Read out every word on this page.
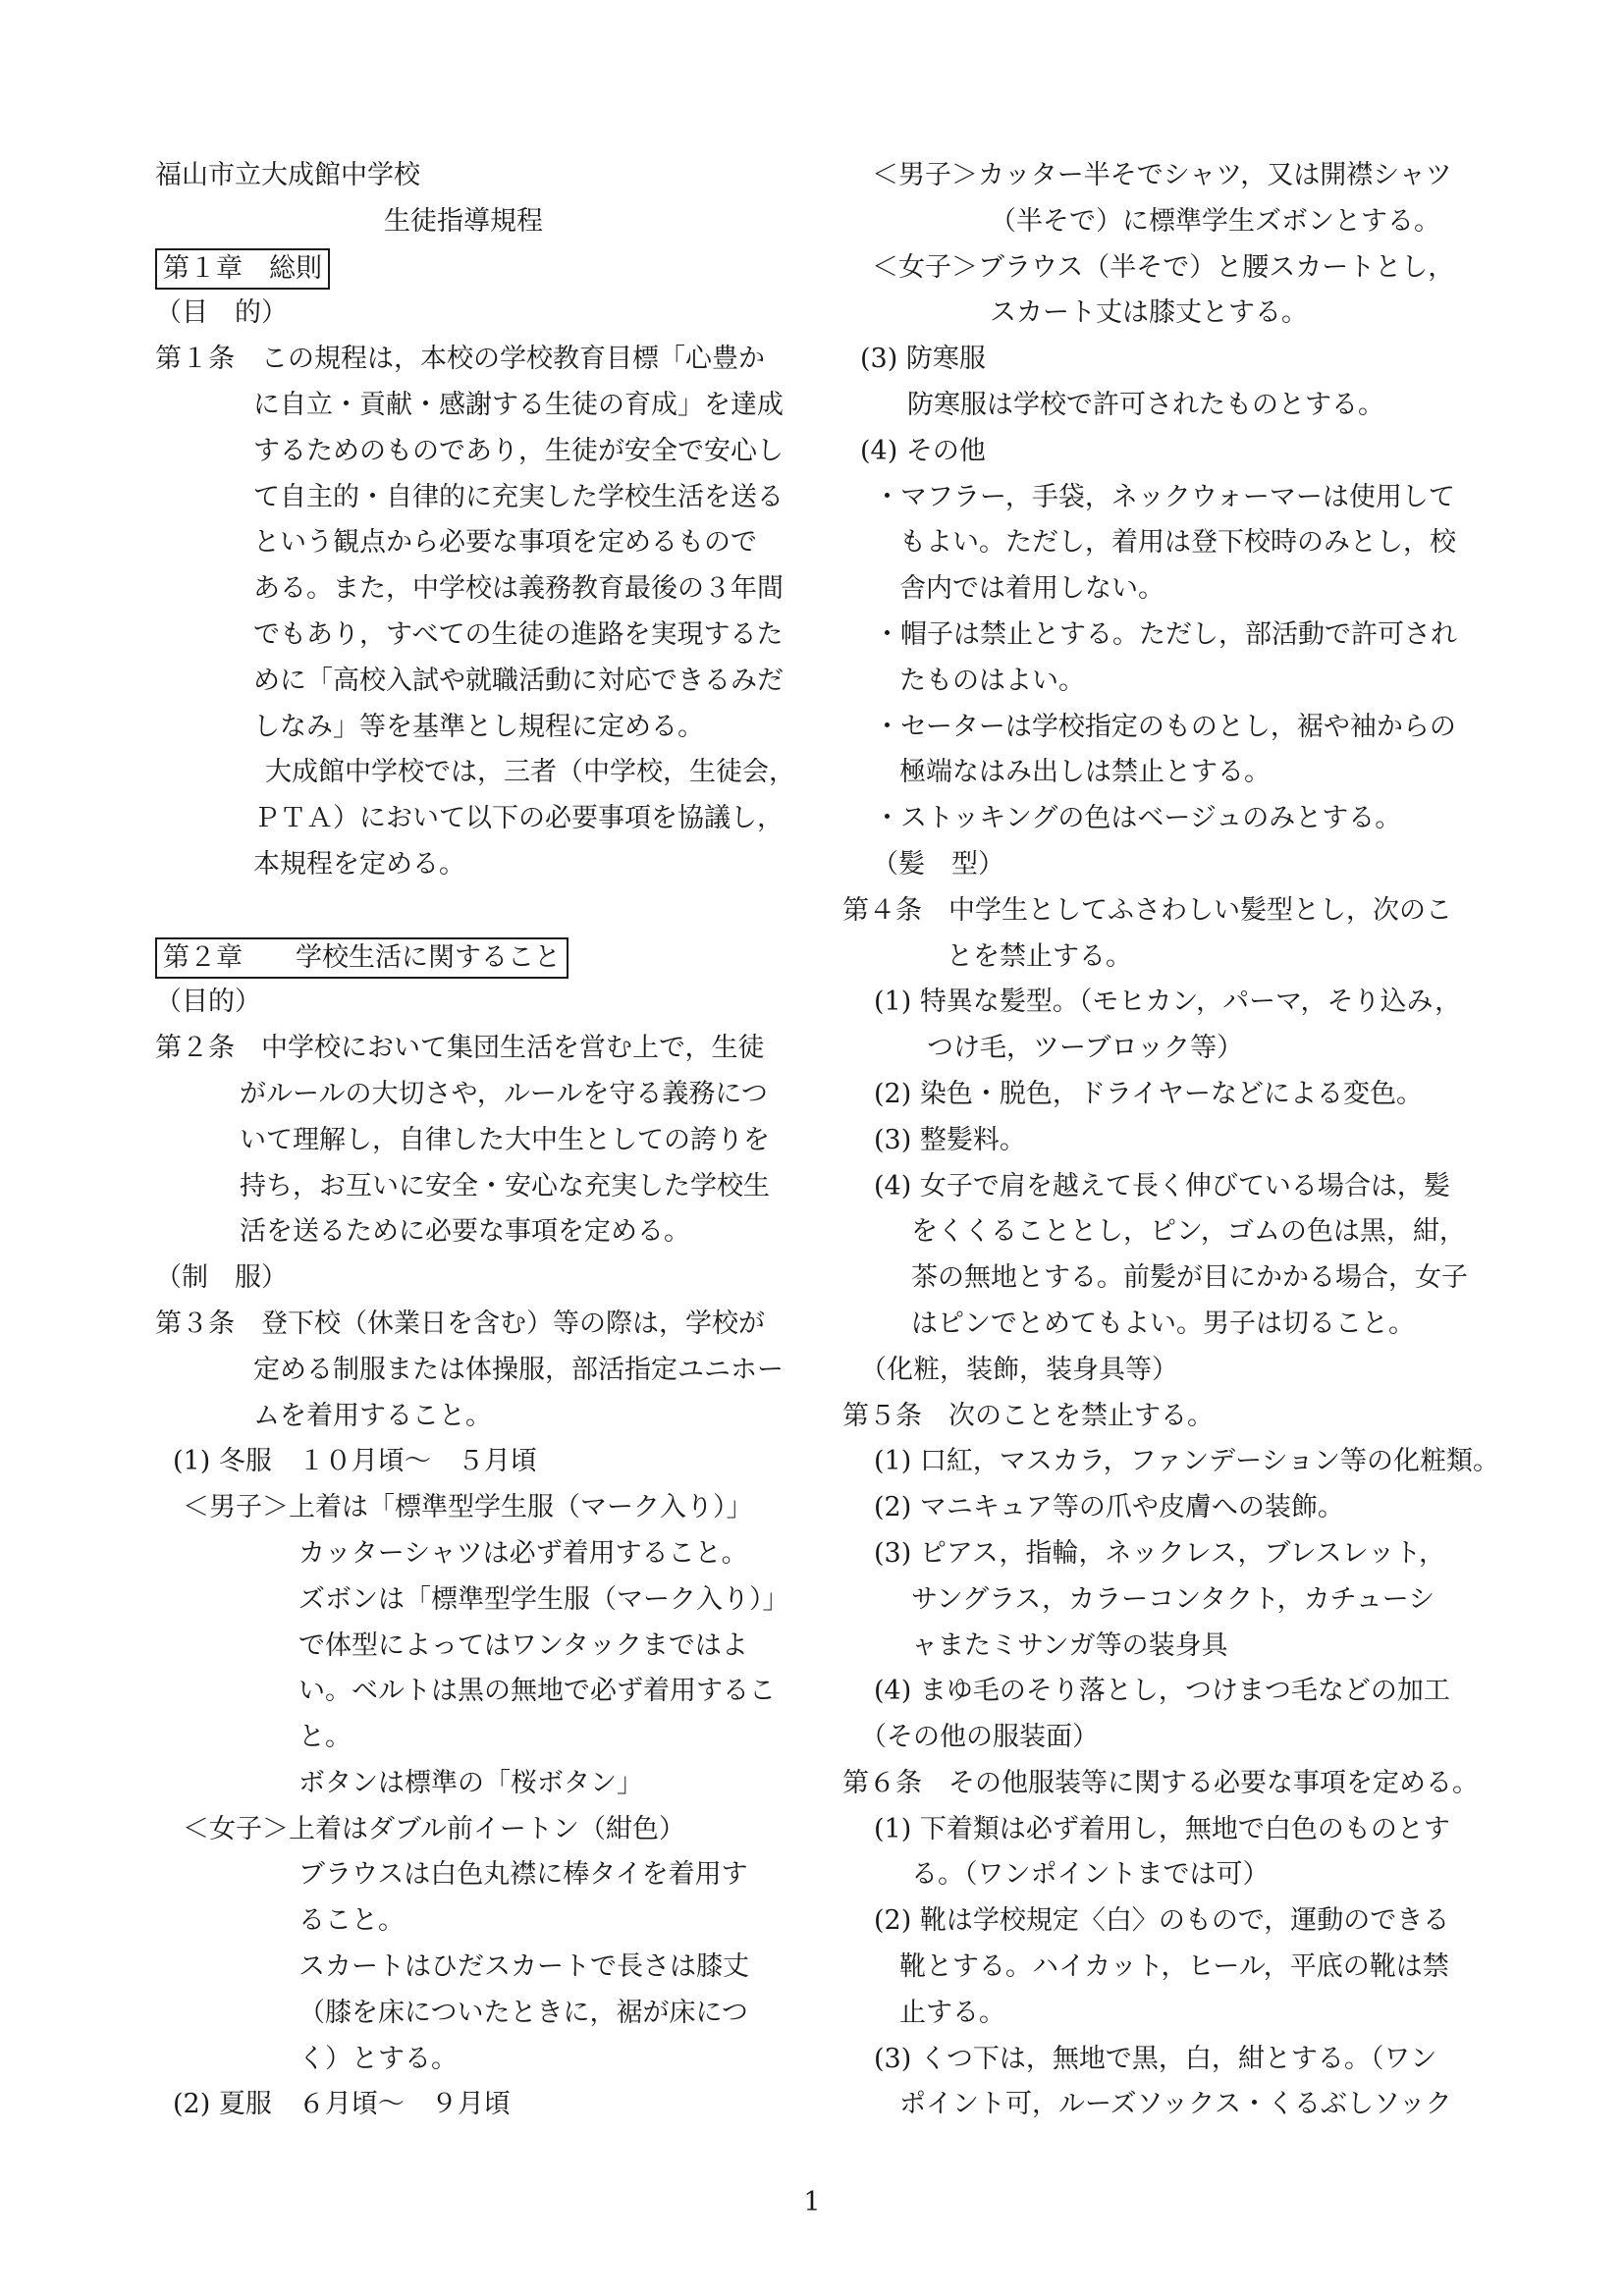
福山市立大成館中学校
生徒指導規程
第１章　総則
（目　的）
第１条　この規程は，本校の学校教育目標「心豊か
に自立・貢献・感謝する生徒の育成」を達成
するためのものであり，生徒が安全で安心し
て自主的・自律的に充実した学校生活を送る
という観点から必要な事項を定めるもので
ある。また，中学校は義務教育最後の３年間
でもあり，すべての生徒の進路を実現するた
めに「高校入試や就職活動に対応できるみだ
しなみ」等を基準とし規程に定める。
大成館中学校では，三者（中学校，生徒会，
ＰＴＡ）において以下の必要事項を協議し，
本規程を定める。
第２章　　学校生活に関すること
（目的）
第２条　中学校において集団生活を営む上で，生徒
がルールの大切さや，ルールを守る義務につ
いて理解し，自律した大中生としての誇りを
持ち，お互いに安全・安心な充実した学校生
活を送るために必要な事項を定める。
（制　服）
第３条　登下校（休業日を含む）等の際は，学校が
定める制服または体操服，部活指定ユニホー
ムを着用すること。
(1) 冬服　１０月頃～　５月頃
＜男子＞上着は「標準型学生服（マーク入り）」
カッターシャツは必ず着用すること。
ズボンは「標準型学生服（マーク入り）」
で体型によってはワンタックまではよ
い。ベルトは黒の無地で必ず着用するこ
と。
ボタンは標準の「桜ボタン」
＜女子＞上着はダブル前イートン（紺色）
ブラウスは白色丸襟に棒タイを着用す
ること。
スカートはひだスカートで長さは膝丈
（膝を床についたときに，裾が床につ
く）とする。
(2) 夏服　６月頃～　９月頃
＜男子＞カッター半そでシャツ，又は開襟シャツ
（半そで）に標準学生ズボンとする。
＜女子＞ブラウス（半そで）と腰スカートとし，
スカート丈は膝丈とする。
(3) 防寒服
防寒服は学校で許可されたものとする。
(4) その他
・マフラー，手袋，ネックウォーマーは使用して
もよい。ただし，着用は登下校時のみとし，校
舎内では着用しない。
・帽子は禁止とする。ただし，部活動で許可され
たものはよい。
・セーターは学校指定のものとし，裾や袖からの
極端なはみ出しは禁止とする。
・ストッキングの色はベージュのみとする。
（髪　型）
第４条　中学生としてふさわしい髪型とし，次のこ
とを禁止する。
(1) 特異な髪型。（モヒカン，パーマ，そり込み，
つけ毛，ツーブロック等）
(2) 染色・脱色，ドライヤーなどによる変色。
(3) 整髪料。
(4) 女子で肩を越えて長く伸びている場合は，髪
をくくることとし，ピン，ゴムの色は黒，紺，
茶の無地とする。前髪が目にかかる場合，女子
はピンでとめてもよい。男子は切ること。
（化粧，装飾，装身具等）
第５条　次のことを禁止する。
(1) 口紅，マスカラ，ファンデーション等の化粧類。
(2) マニキュア等の爪や皮膚への装飾。
(3) ピアス，指輪，ネックレス，ブレスレット，
サングラス，カラーコンタクト，カチューシ
ャまたミサンガ等の装身具
(4) まゆ毛のそり落とし，つけまつ毛などの加工
（その他の服装面）
第６条　その他服装等に関する必要な事項を定める。
(1) 下着類は必ず着用し，無地で白色のものとす
る。（ワンポイントまでは可）
(2) 靴は学校規定〈白〉のもので，運動のできる
靴とする。ハイカット，ヒール，平底の靴は禁
止する。
(3) くつ下は，無地で黒，白，紺とする。（ワン
ポイント可，ルーズソックス・くるぶしソック
1
